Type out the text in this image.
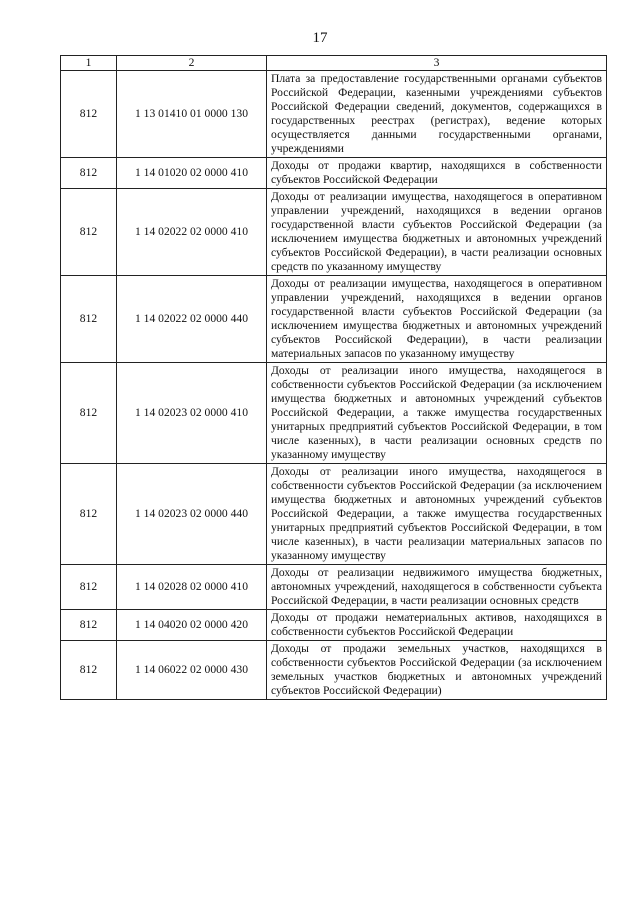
17
1	2	3
812	1 13 01410 01 0000 130	Плата за предоставление государственными органами субъектов Российской Федерации, казенными учреждениями субъектов Российской Федерации сведений, документов, содержащихся в государственных реестрах (регистрах), ведение которых осуществляется данными государственными органами, учреждениями
812	1 14 01020 02 0000 410	Доходы от продажи квартир, находящихся в собственности субъектов Российской Федерации
812	1 14 02022 02 0000 410	Доходы от реализации имущества, находящегося в оперативном управлении учреждений, находящихся в ведении органов государственной власти субъектов Российской Федерации (за исключением имущества бюджетных и автономных учреждений субъектов Российской Федерации), в части реализации основных средств по указанному имуществу
812	1 14 02022 02 0000 440	Доходы от реализации имущества, находящегося в оперативном управлении учреждений, находящихся в ведении органов государственной власти субъектов Российской Федерации (за исключением имущества бюджетных и автономных учреждений субъектов Российской Федерации), в части реализации материальных запасов по указанному имуществу
812	1 14 02023 02 0000 410	Доходы от реализации иного имущества, находящегося в собственности субъектов Российской Федерации (за исключением имущества бюджетных и автономных учреждений субъектов Российской Федерации, а также имущества государственных унитарных предприятий субъектов Российской Федерации, в том числе казенных), в части реализации основных средств по указанному имуществу
812	1 14 02023 02 0000 440	Доходы от реализации иного имущества, находящегося в собственности субъектов Российской Федерации (за исключением имущества бюджетных и автономных учреждений субъектов Российской Федерации, а также имущества государственных унитарных предприятий субъектов Российской Федерации, в том числе казенных), в части реализации материальных запасов по указанному имуществу
812	1 14 02028 02 0000 410	Доходы от реализации недвижимого имущества бюджетных, автономных учреждений, находящегося в собственности субъекта Российской Федерации, в части реализации основных средств
812	1 14 04020 02 0000 420	Доходы от продажи нематериальных активов, находящихся в собственности субъектов Российской Федерации
812	1 14 06022 02 0000 430	Доходы от продажи земельных участков, находящихся в собственности субъектов Российской Федерации (за исключением земельных участков бюджетных и автономных учреждений субъектов Российской Федерации)
